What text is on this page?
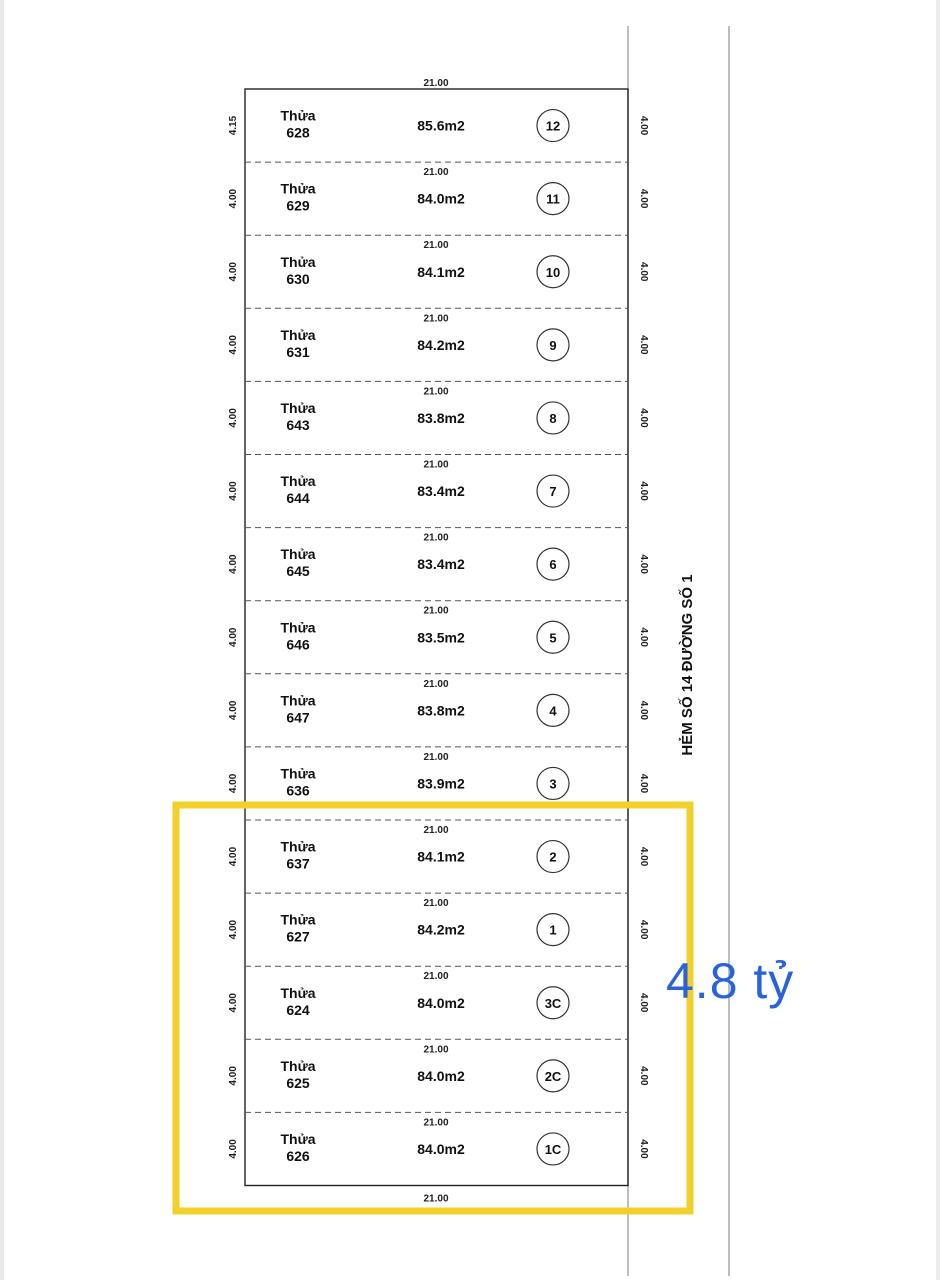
21.00
Thửa
628	85.6m2	12
4.15	4.00
21.00
Thửa
629	84.0m2	11
4.00	4.00
21.00
Thửa
630	84.1m2	10
4.00	4.00
21.00
Thửa
631	84.2m2	9
4.00	4.00
21.00
Thửa
643	83.8m2	8
4.00	4.00
21.00
Thửa
644	83.4m2	7
4.00	4.00
21.00
Thửa
645	83.4m2	6
4.00	4.00
21.00
Thửa
646	83.5m2	5
4.00	4.00
21.00
Thửa
647	83.8m2	4
4.00	4.00
21.00
Thửa
636	83.9m2	3
4.00	4.00
21.00
Thửa
637	84.1m2	2
4.00	4.00
21.00
Thửa
627	84.2m2	1
4.00	4.00
21.00
Thửa
624	84.0m2	3C
4.00	4.00
21.00
Thửa
625	84.0m2	2C
4.00	4.00
21.00
Thửa
626	84.0m2	1C
4.00	4.00
21.00
HẺM SỐ 14 ĐƯỜNG SỐ 1
4.8 tỷ
